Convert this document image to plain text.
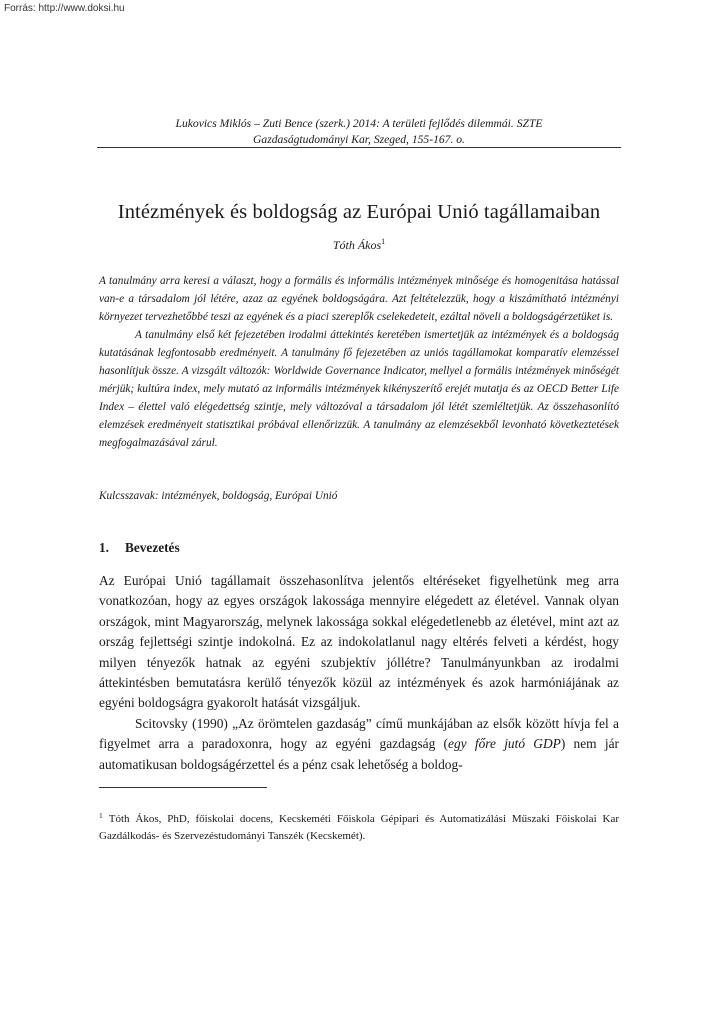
Forrás: http://www.doksi.hu
Lukovics Miklós – Zuti Bence (szerk.) 2014: A területi fejlődés dilemmái. SZTE Gazdaságtudományi Kar, Szeged, 155-167. o.
Intézmények és boldogság az Európai Unió tagállamaiban

Tóth Ákos$^1$

A tanulmány arra keresi a választ, hogy a formális és informális intézmények minősége és homogenitása hatással van-e a társadalom jól létére, azaz az egyének boldogságára. Azt feltételezzük, hogy a kiszámítható intézményi környezet tervezhetőbbé teszi az egyének és a piaci szereplők cselekedeteit, ezáltal növeli a boldogságérzetüket is.

A tanulmány első két fejezetében irodalmi áttekintés keretében ismertetjük az intézmények és a boldogság kutatásának legfontosabb eredményeit. A tanulmány fő fejezetében az uniós tagállamokat komparatív elemzéssel hasonlítjuk össze. A vizsgált változók: Worldwide Governance Indicator, mellyel a formális intézmények minőségét mérjük; kultúra index, mely mutató az informális intézmények kikényszerítő erejét mutatja és az OECD Better Life Index – élettel való elégedettség szintje, mely változóval a társadalom jól létét szemléltetjük. Az összehasonlító elemzések eredményeit statisztikai próbával ellenőrizzük. A tanulmány az elemzésekből levonható következtetések megfogalmazásával zárul.

Kulcsszavak: intézmények, boldogság, Európai Unió

1. Bevezetés

Az Európai Unió tagállamait összehasonlítva jelentős eltéréseket figyelhetünk meg arra vonatkozóan, hogy az egyes országok lakossága mennyire elégedett az életével. Vannak olyan országok, mint Magyarország, melynek lakossága sokkal elégedetlenebb az életével, mint azt az ország fejlettségi szintje indokolná. Ez az indokolatlanul nagy eltérés felveti a kérdést, hogy milyen tényezők hatnak az egyéni szubjektív jóllétre? Tanulmányunkban az irodalmi áttekintésben bemutatásra kerülő tényezők közül az intézmények és azok harmóniájának az egyéni boldogságra gyakorolt hatását vizsgáljuk.

Scitovsky (1990) „Az örömtelen gazdaság” című munkájában az elsők között hívja fel a figyelmet arra a paradoxonra, hogy az egyéni gazdagság (egy főre jutó GDP) nem jár automatikusan boldogságérzettel és a pénz csak lehetőség a boldog-

$^1$ Tóth Ákos, PhD, főiskolai docens, Kecskeméti Főiskola Gépipari és Automatizálási Műszaki Főiskolai Kar Gazdálkodás- és Szervezéstudományi Tanszék (Kecskemét).
